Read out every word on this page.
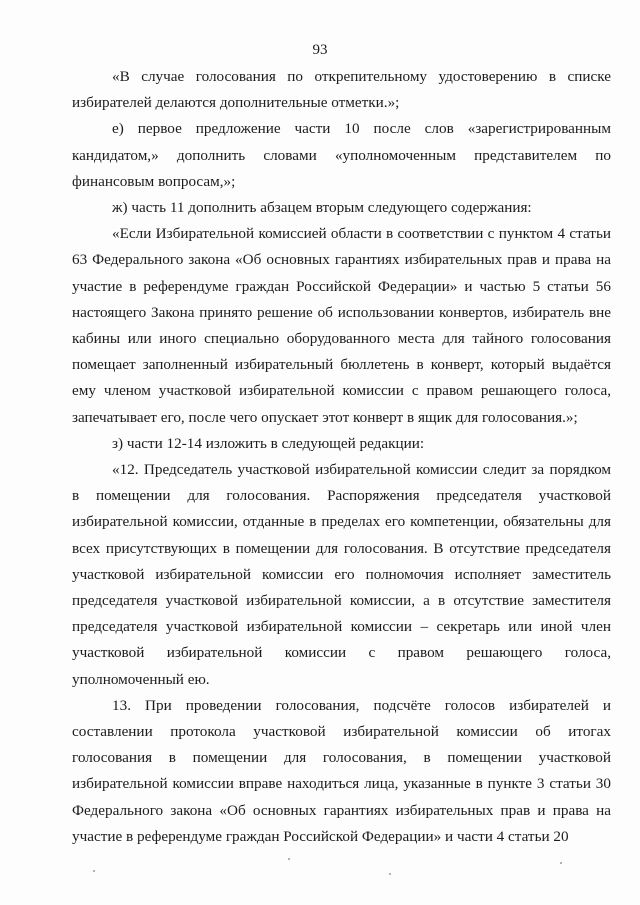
93

«В случае голосования по открепительному удостоверению в списке избирателей делаются дополнительные отметки.»;

е) первое предложение части 10 после слов «зарегистрированным кандидатом,» дополнить словами «уполномоченным представителем по финансовым вопросам,»;

ж) часть 11 дополнить абзацем вторым следующего содержания:

«Если Избирательной комиссией области в соответствии с пунктом 4 статьи 63 Федерального закона «Об основных гарантиях избирательных прав и права на участие в референдуме граждан Российской Федерации» и частью 5 статьи 56 настоящего Закона принято решение об использовании конвертов, избиратель вне кабины или иного специально оборудованного места для тайного голосования помещает заполненный избирательный бюллетень в конверт, который выдаётся ему членом участковой избирательной комиссии с правом решающего голоса, запечатывает его, после чего опускает этот конверт в ящик для голосования.»;

з) части 12-14 изложить в следующей редакции:

«12. Председатель участковой избирательной комиссии следит за порядком в помещении для голосования. Распоряжения председателя участковой избирательной комиссии, отданные в пределах его компетенции, обязательны для всех присутствующих в помещении для голосования. В отсутствие председателя участковой избирательной комиссии его полномочия исполняет заместитель председателя участковой избирательной комиссии, а в отсутствие заместителя председателя участковой избирательной комиссии – секретарь или иной член участковой избирательной комиссии с правом решающего голоса, уполномоченный ею.

13. При проведении голосования, подсчёте голосов избирателей и составлении протокола участковой избирательной комиссии об итогах голосования в помещении для голосования, в помещении участковой избирательной комиссии вправе находиться лица, указанные в пункте 3 статьи 30 Федерального закона «Об основных гарантиях избирательных прав и права на участие в референдуме граждан Российской Федерации» и части 4 статьи 20
